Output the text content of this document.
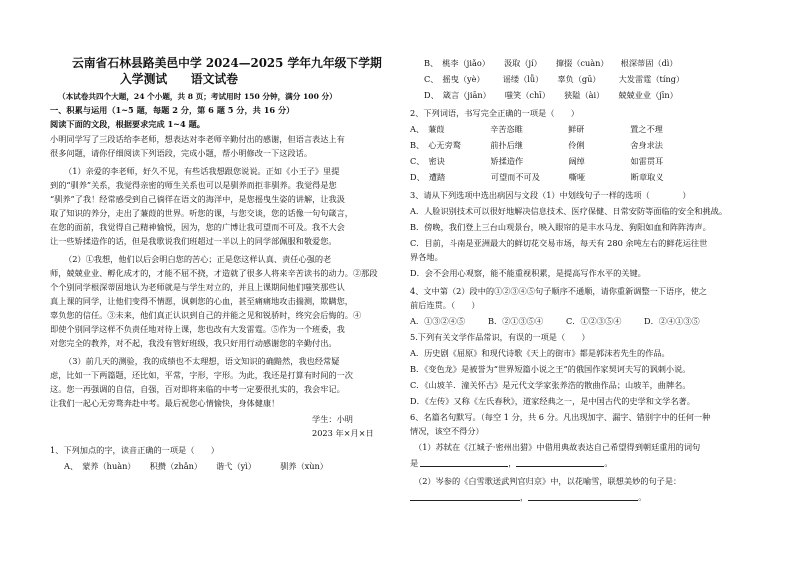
云南省石林县路美邑中学 2024—2025 学年九年级下学期
入学测试　　语文试卷
（本试卷共四个大题，24 个小题，共 8 页；考试用时 150 分钟，满分 100 分）
一、积累与运用（1~5 题，每题 2 分，第 6 题 5 分，共 16 分）
阅读下面的文段，根据要求完成 1~4 题。
小明同学写了三段话给李老师，想表达对李老师辛勤付出的感谢，但语言表达上有
很多问题，请你仔细阅读下列语段，完成小题，帮小明修改一下这段话。
（1）亲爱的李老师，好久不见，有些话我想跟您说说。正如《小王子》里提
到的“驯养”关系，我觉得亲密的师生关系也可以是驯养而拒非驯养。我觉得是您
“驯养”了我！经常感受到自己徜徉在语文的海洋中，是您摇曳生姿的讲解，让我汲
取了知识的养分，走出了蒹葭的世界。听您的课，与您交谈，您的话像一句句箴言，
在您的面前，我觉得自己精神愉悦，因为，您的广博让我可望而不可及。我不大会
让一些矫揉造作的话，但是我歌说我们班超过一半以上的同学部佩服和敬爱您。
（2）①我想，他们以后会明白您的苦心；正是您这样认真、责任心强的老
师，兢兢业业、孵化成才的，才能不屈不挠，才造就了很多人将来辛苦读书的动力。②那段
个个别同学根深蒂固地认为老师就是与学生对立的，并且上课期间他们嗤笑那些认
真上课的同学，让他们变得不情愿，讽刺您的心血，甚至痛痛地攻击揣测，欺瞒您，
辜负您的信任。③未来，他们真正认识到自己的并能之见和锐骄时，终究会后悔的。④
即使个别同学这样不负责任地对待上课，您也改有大发雷霆。⑤作为一个班委，我
对您完全的教养，对不起，我没有管好班级，我只好用行动感谢您的辛勤付出。
（3）前几天的测验，我的成绩也不太理想，语文知识的确黯然，我也经常疑
虑，比如一下两篇题，还比如，平常，字形，字形。为此，我还是打算有时间的一次
这。您一再强调的自信，自强，百对即将来临的中考一定要很扎实的，我会牢记。
让我们一起心无旁骛奔赴中考。最后祝您心情愉快，身体健康！
学生：小明
2023 年×月×日
1、下列加点的字，读音正确的一项是（　　）
A、 蒙养（huàn） 积攒（zhǎn） 谐弋（yì）	驯养（xùn）
B、 桃李（jiǎo） 汲取（jí） 撺掇（cuàn） 根深蒂固（dì）
C、 摇曳（yè） 谣缕（lǚ） 辜负（gū） 大发雷霆（tíng）
D、 箴言（jiān） 嗤笑（chī） 狭隘（ài） 兢兢业业（jīn）
2、下列词语，书写完全正确的一项是（　　）
A、 蒹葭	辛苦恣睢	鲜研	置之不理
B、 心无旁鹜	前扑后继	伶俐	舍身求法
C、 密诀	矫揉造作	阔绰	如雷贯耳
D、 遭踏	可望而不可及	嘶哑	断章取义
3、请从下列选项中选出病因与文段（1）中划线句子一样的选项（　　　　）
A．人脸识别技术可以很好地解决信息技术、医疗保健、日常安防等面临的安全和挑战。
B．傍晚，我们登上三台山观景台，映入眼帘的是丰水马龙、狗阳如血和阵阵涛声。
C．目前，斗南是亚洲最大的鲜切花交易市场，每天有 280 余吨左右的鲜花运往世
界各地。
D．会不会用心观察，能不能重视积累，是提高写作水平的关键。
4、文中第（2）段中的①②③④⑤句子顺序不通顺，请你重新调整一下语序，使之
前后连贯。（　　）
A．①③②④⑤	B．②①③⑤④	C．①②③⑤④	D．②④①③⑤
5.下列有关文学作品常识，有误的一项是（　　）
A．历史剧《屈原》和现代诗歌《天上的街市》都是郭沫若先生的作品。
B．《变色龙》是被誉为“世界短篇小说之王”的俄国作家契诃夫写的讽刺小说。
C．《山坡羊．潼关怀古》是元代文学家张养浩的散曲作品；山坡羊，曲牌名。
D．《左传》又称《左氏春秋》，道家经典之一，是中国古代的史学和文学名著。
6、名篇名句默写。（每空 1 分，共 6 分。凡出现加字、漏字、错别字中的任何一种
情况，该空不得分）
（1）苏轼在《江城子·密州出猎》中借用典故表达自己希望得到朝廷重用的词句
是	，	。
（2）岑参的《白雪歌送武判官归京》中，以花喻雪，联想美妙的句子是：
，	。
